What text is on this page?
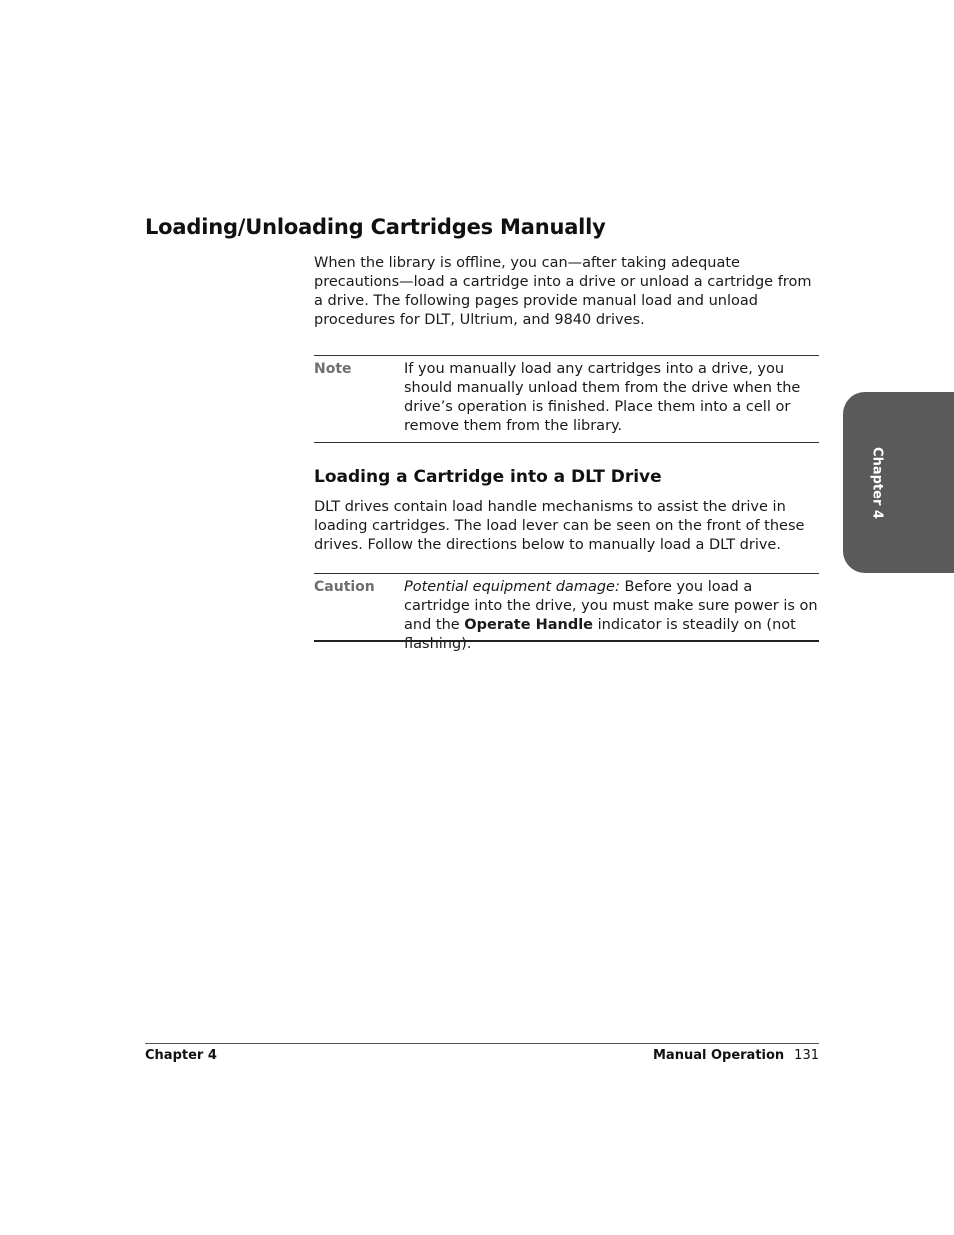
Loading/Unloading Cartridges Manually

When the library is offline, you can—after taking adequate precautions—load a cartridge into a drive or unload a cartridge from a drive. The following pages provide manual load and unload procedures for DLT, Ultrium, and 9840 drives.

Note	If you manually load any cartridges into a drive, you should manually unload them from the drive when the drive’s operation is finished. Place them into a cell or remove them from the library.

Loading a Cartridge into a DLT Drive

DLT drives contain load handle mechanisms to assist the drive in loading cartridges. The load lever can be seen on the front of these drives. Follow the directions below to manually load a DLT drive.

Caution Potential equipment damage: Before you load a cartridge into the drive, you must make sure power is on and the Operate Handle indicator is steadily on (not flashing).

Chapter 4
Chapter 4	Manual Operation 131
